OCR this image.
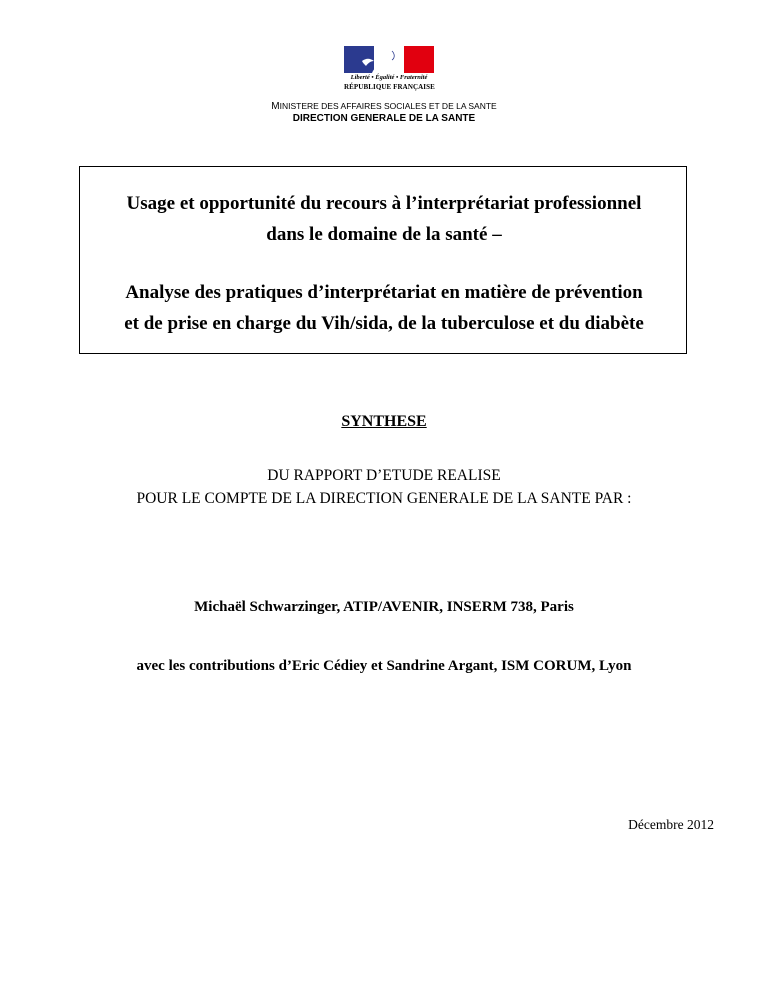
Liberté • Égalité • Fraternité
RÉPUBLIQUE FRANÇAISE
MINISTERE DES AFFAIRES SOCIALES ET DE LA SANTE
DIRECTION GENERALE DE LA SANTE
Usage et opportunité du recours à l’interprétariat professionnel
dans le domaine de la santé –
Analyse des pratiques d’interprétariat en matière de prévention
et de prise en charge du Vih/sida, de la tuberculose et du diabète
SYNTHESE
DU RAPPORT D’ETUDE REALISE
POUR LE COMPTE DE LA DIRECTION GENERALE DE LA SANTE PAR :
Michaël Schwarzinger, ATIP/AVENIR, INSERM 738, Paris
avec les contributions d’Eric Cédiey et Sandrine Argant, ISM CORUM, Lyon
Décembre 2012
